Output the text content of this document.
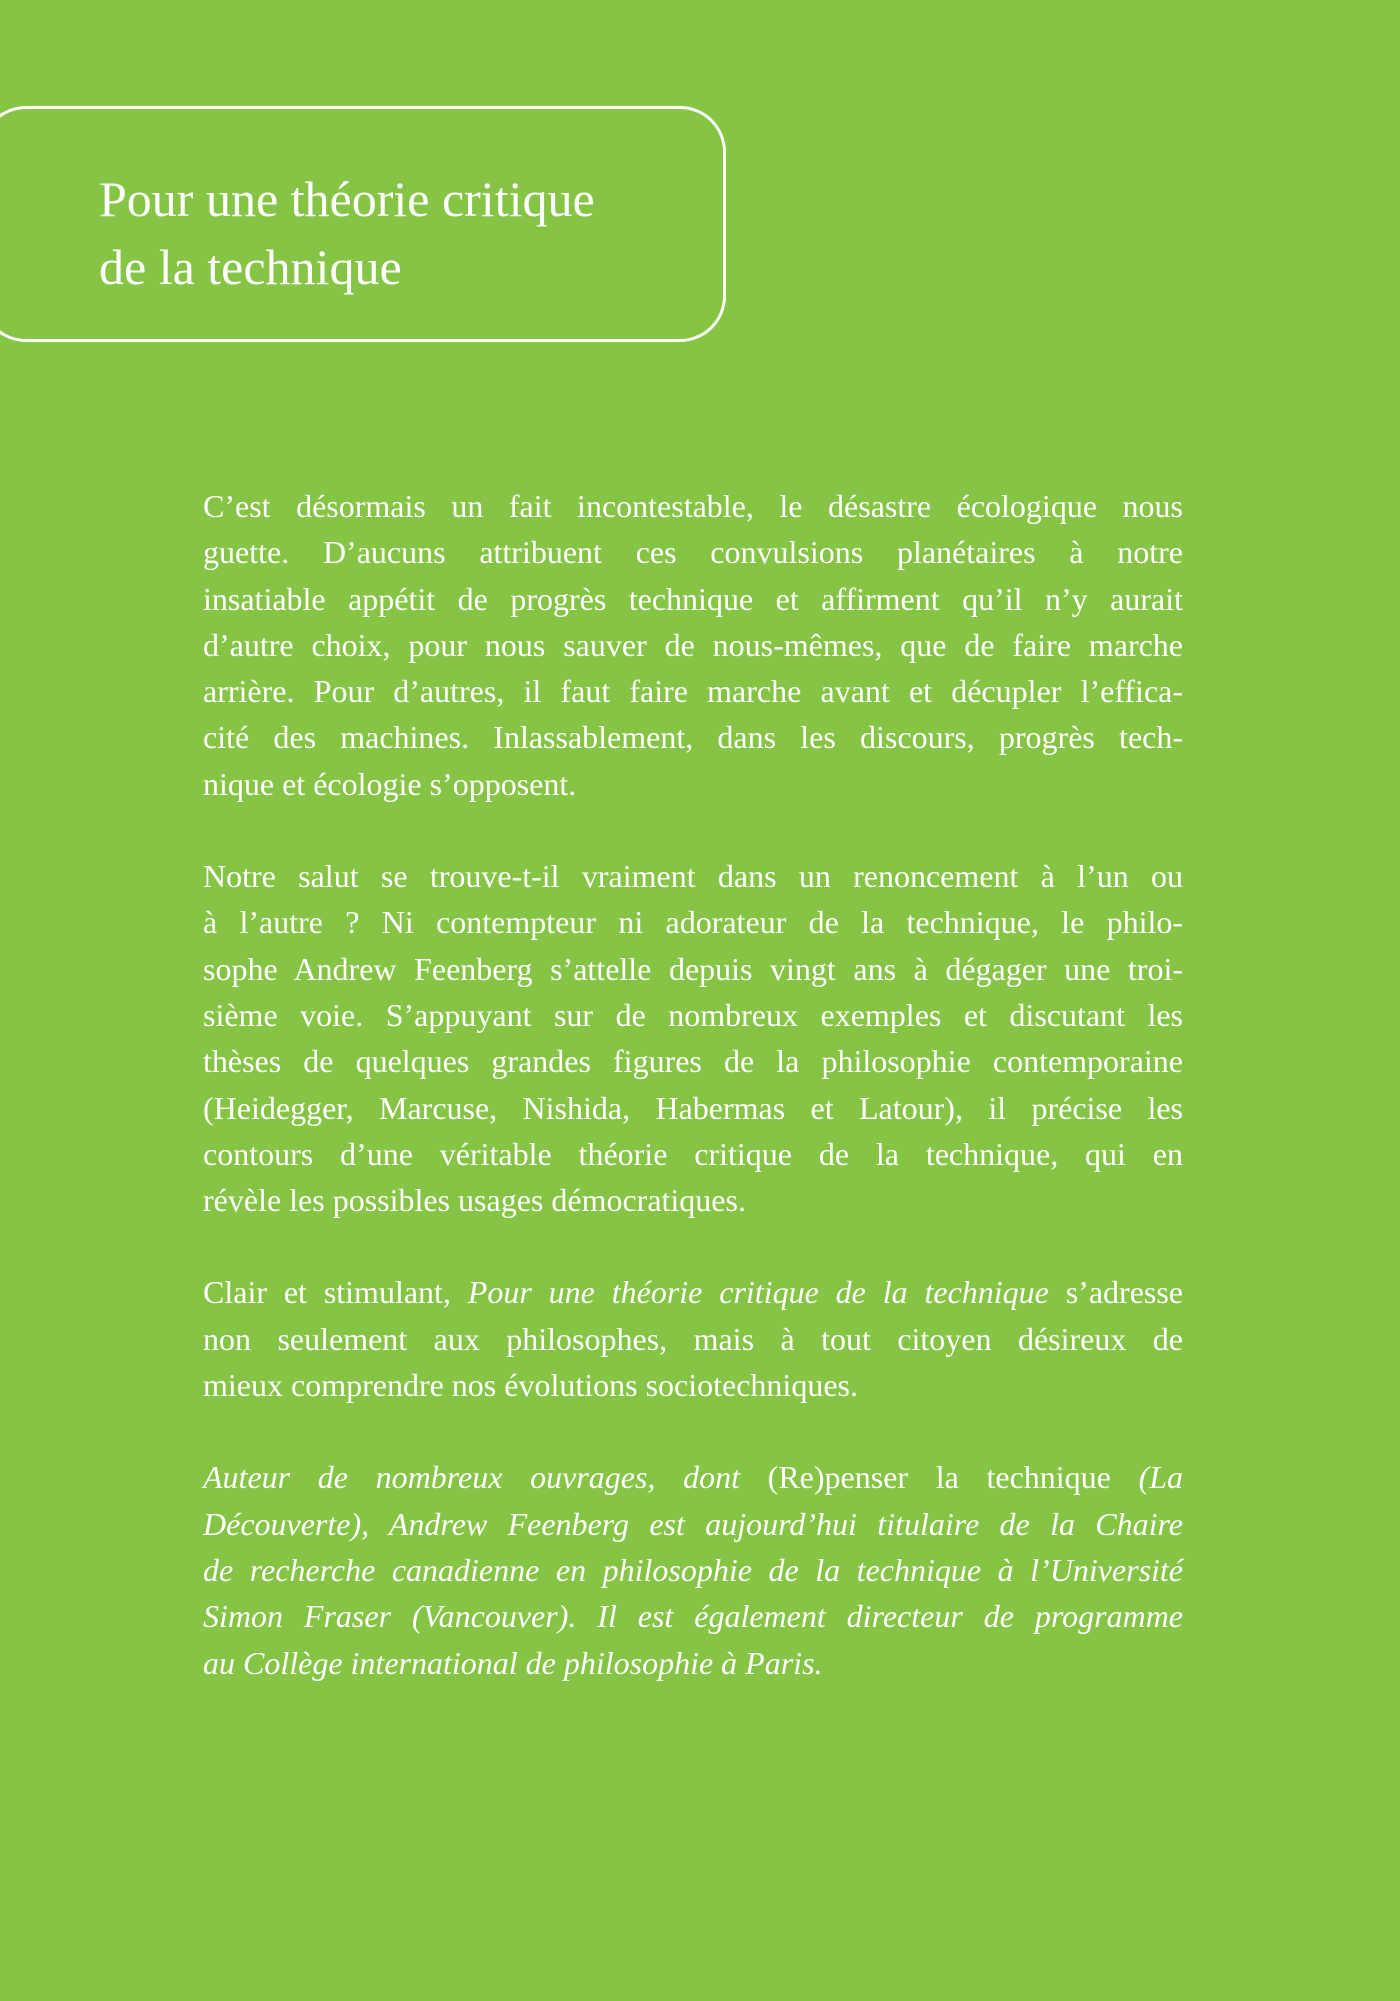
Pour une théorie critique
de la technique

C’est désormais un fait incontestable, le désastre écologique nous
guette. D’aucuns attribuent ces convulsions planétaires à notre
insatiable appétit de progrès technique et affirment qu’il n’y aurait
d’autre choix, pour nous sauver de nous-mêmes, que de faire marche
arrière. Pour d’autres, il faut faire marche avant et décupler l’effica-
cité des machines. Inlassablement, dans les discours, progrès tech-
nique et écologie s’opposent.

Notre salut se trouve-t-il vraiment dans un renoncement à l’un ou
à l’autre ? Ni contempteur ni adorateur de la technique, le philo-
sophe Andrew Feenberg s’attelle depuis vingt ans à dégager une troi-
sième voie. S’appuyant sur de nombreux exemples et discutant les
thèses de quelques grandes figures de la philosophie contemporaine
(Heidegger, Marcuse, Nishida, Habermas et Latour), il précise les
contours d’une véritable théorie critique de la technique, qui en
révèle les possibles usages démocratiques.

Clair et stimulant, Pour une théorie critique de la technique s’adresse
non seulement aux philosophes, mais à tout citoyen désireux de
mieux comprendre nos évolutions sociotechniques.

Auteur de nombreux ouvrages, dont (Re)penser la technique (La
Découverte), Andrew Feenberg est aujourd’hui titulaire de la Chaire
de recherche canadienne en philosophie de la technique à l’Université
Simon Fraser (Vancouver). Il est également directeur de programme
au Collège international de philosophie à Paris.
